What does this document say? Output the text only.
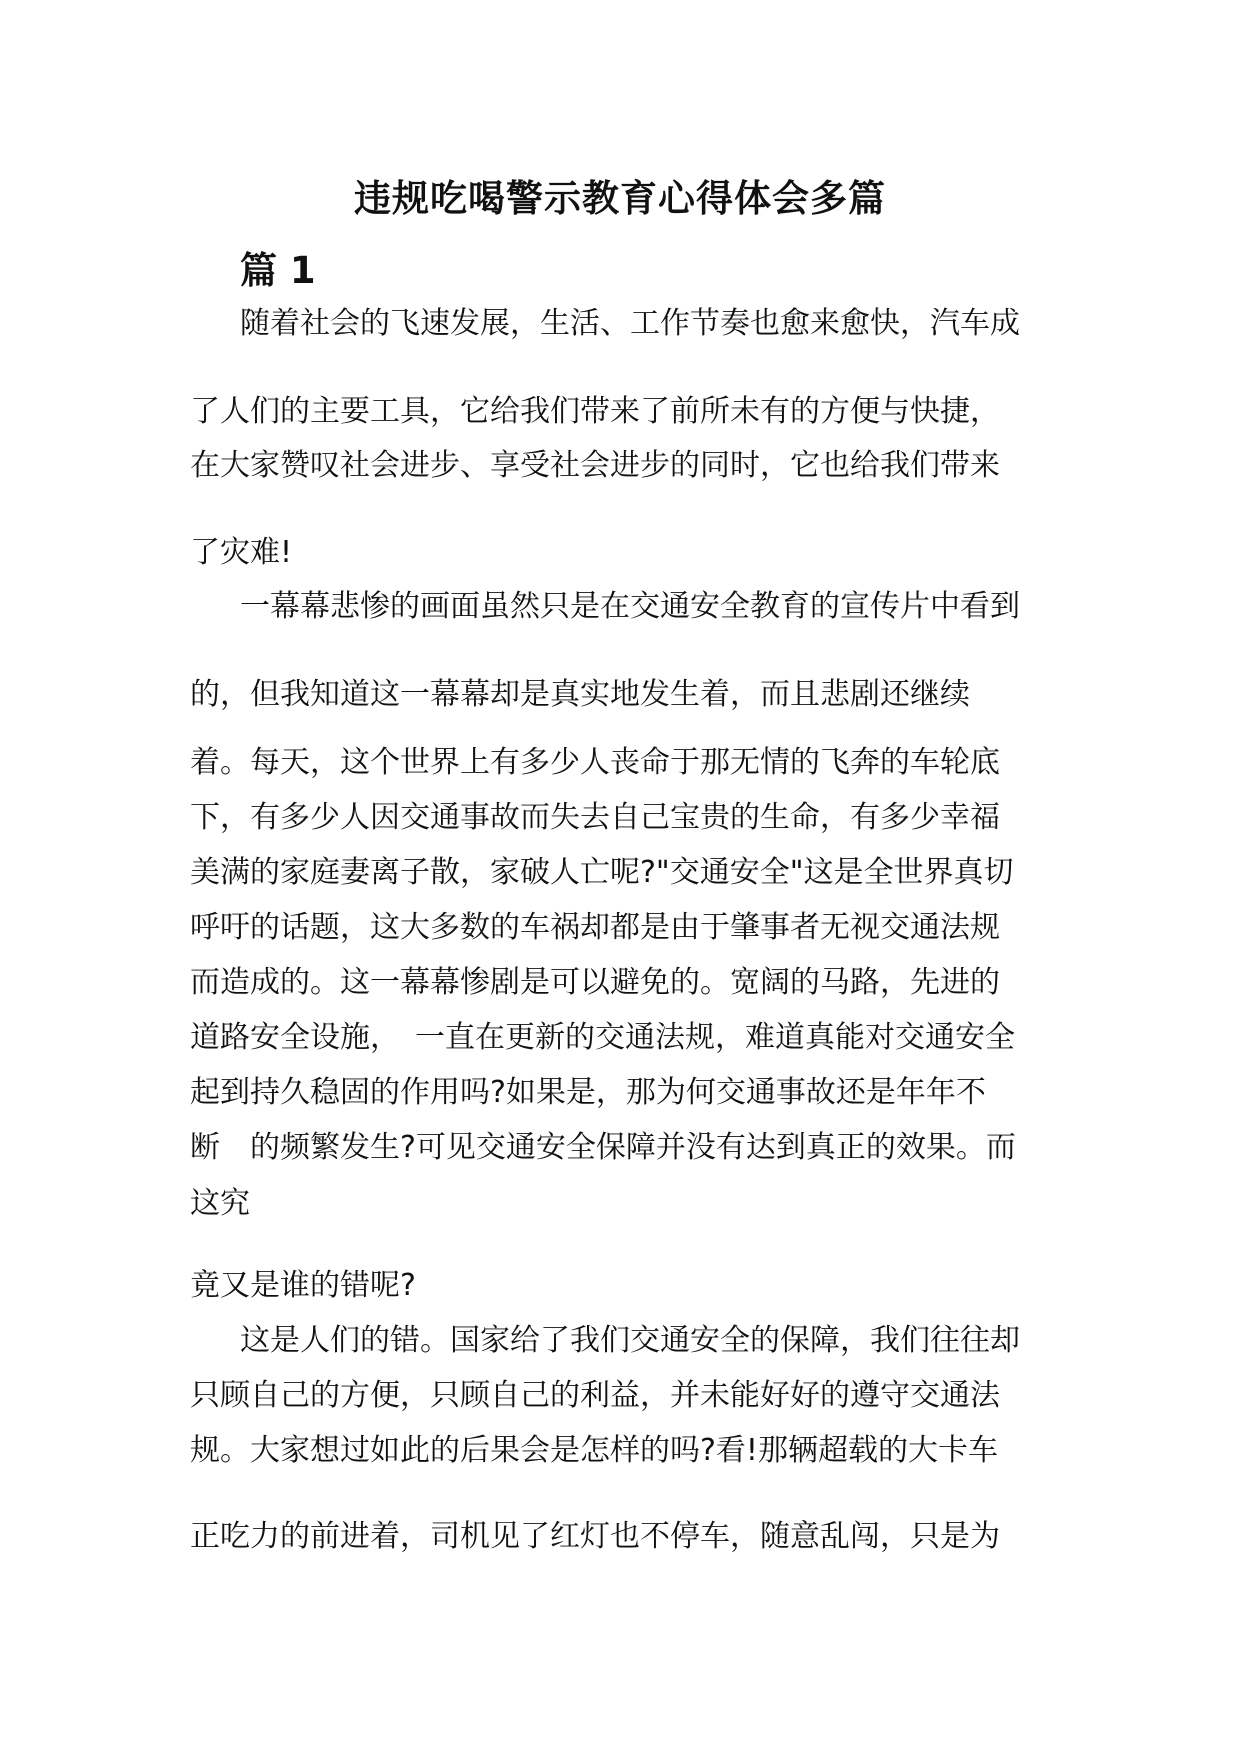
违规吃喝警示教育心得体会多篇
篇 1

随着社会的飞速发展，生活、工作节奏也愈来愈快，汽车成

了人们的主要工具，它给我们带来了前所未有的方便与快捷，

在大家赞叹社会进步、享受社会进步的同时，它也给我们带来

了灾难!

一幕幕悲惨的画面虽然只是在交通安全教育的宣传片中看到

的，但我知道这一幕幕却是真实地发生着，而且悲剧还继续

着。每天，这个世界上有多少人丧命于那无情的飞奔的车轮底

下，有多少人因交通事故而失去自己宝贵的生命，有多少幸福

美满的家庭妻离子散，家破人亡呢?"交通安全"这是全世界真切

呼吁的话题，这大多数的车祸却都是由于肇事者无视交通法规

而造成的。这一幕幕惨剧是可以避免的。宽阔的马路，先进的

道路安全设施，　一直在更新的交通法规，难道真能对交通安全

起到持久稳固的作用吗?如果是，那为何交通事故还是年年不

断　的频繁发生?可见交通安全保障并没有达到真正的效果。而

这究

竟又是谁的错呢?

这是人们的错。国家给了我们交通安全的保障，我们往往却

只顾自己的方便，只顾自己的利益，并未能好好的遵守交通法

规。大家想过如此的后果会是怎样的吗?看!那辆超载的大卡车

正吃力的前进着，司机见了红灯也不停车，随意乱闯，只是为
